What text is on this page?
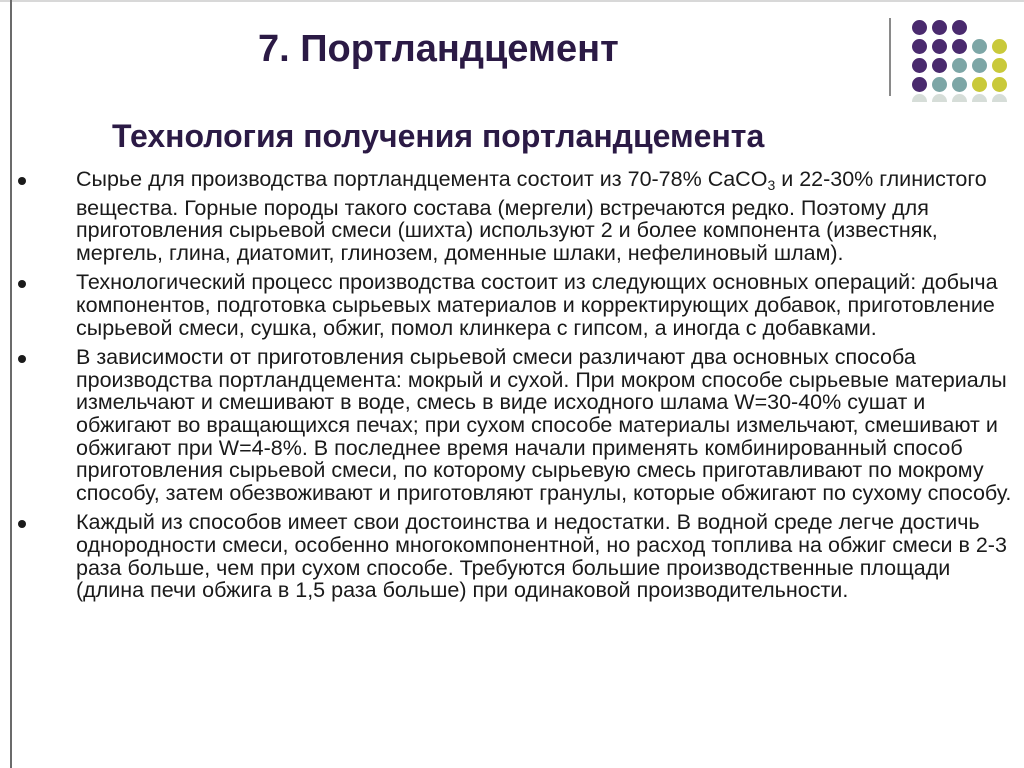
7. Портландцемент
Технология получения портландцемента
Сырье для производства портландцемента состоит из 70-78% CaCO$_3$ и 22-30% глинистого вещества. Горные породы такого состава (мергели) встречаются редко. Поэтому для приготовления сырьевой смеси (шихта) используют 2 и более компонента (известняк, мергель, глина, диатомит, глинозем, доменные шлаки, нефелиновый шлам).
Технологический процесс производства состоит из следующих основных операций: добыча компонентов, подготовка сырьевых материалов и корректирующих добавок, приготовление сырьевой смеси, сушка, обжиг, помол клинкера с гипсом, а иногда с добавками.
В зависимости от приготовления сырьевой смеси различают два основных способа производства портландцемента: мокрый и сухой. При мокром способе сырьевые материалы измельчают и смешивают в воде, смесь в виде исходного шлама W=30-40% сушат и обжигают во вращающихся печах; при сухом способе материалы измельчают, смешивают и обжигают при W=4-8%. В последнее время начали применять комбинированный способ приготовления сырьевой смеси, по которому сырьевую смесь приготавливают по мокрому способу, затем обезвоживают и приготовляют гранулы, которые обжигают по сухому способу.
Каждый из способов имеет свои достоинства и недостатки. В водной среде легче достичь однородности смеси, особенно многокомпонентной, но расход топлива на обжиг смеси в 2-3 раза больше, чем при сухом способе. Требуются большие производственные площади (длина печи обжига в 1,5 раза больше) при одинаковой производительности.
